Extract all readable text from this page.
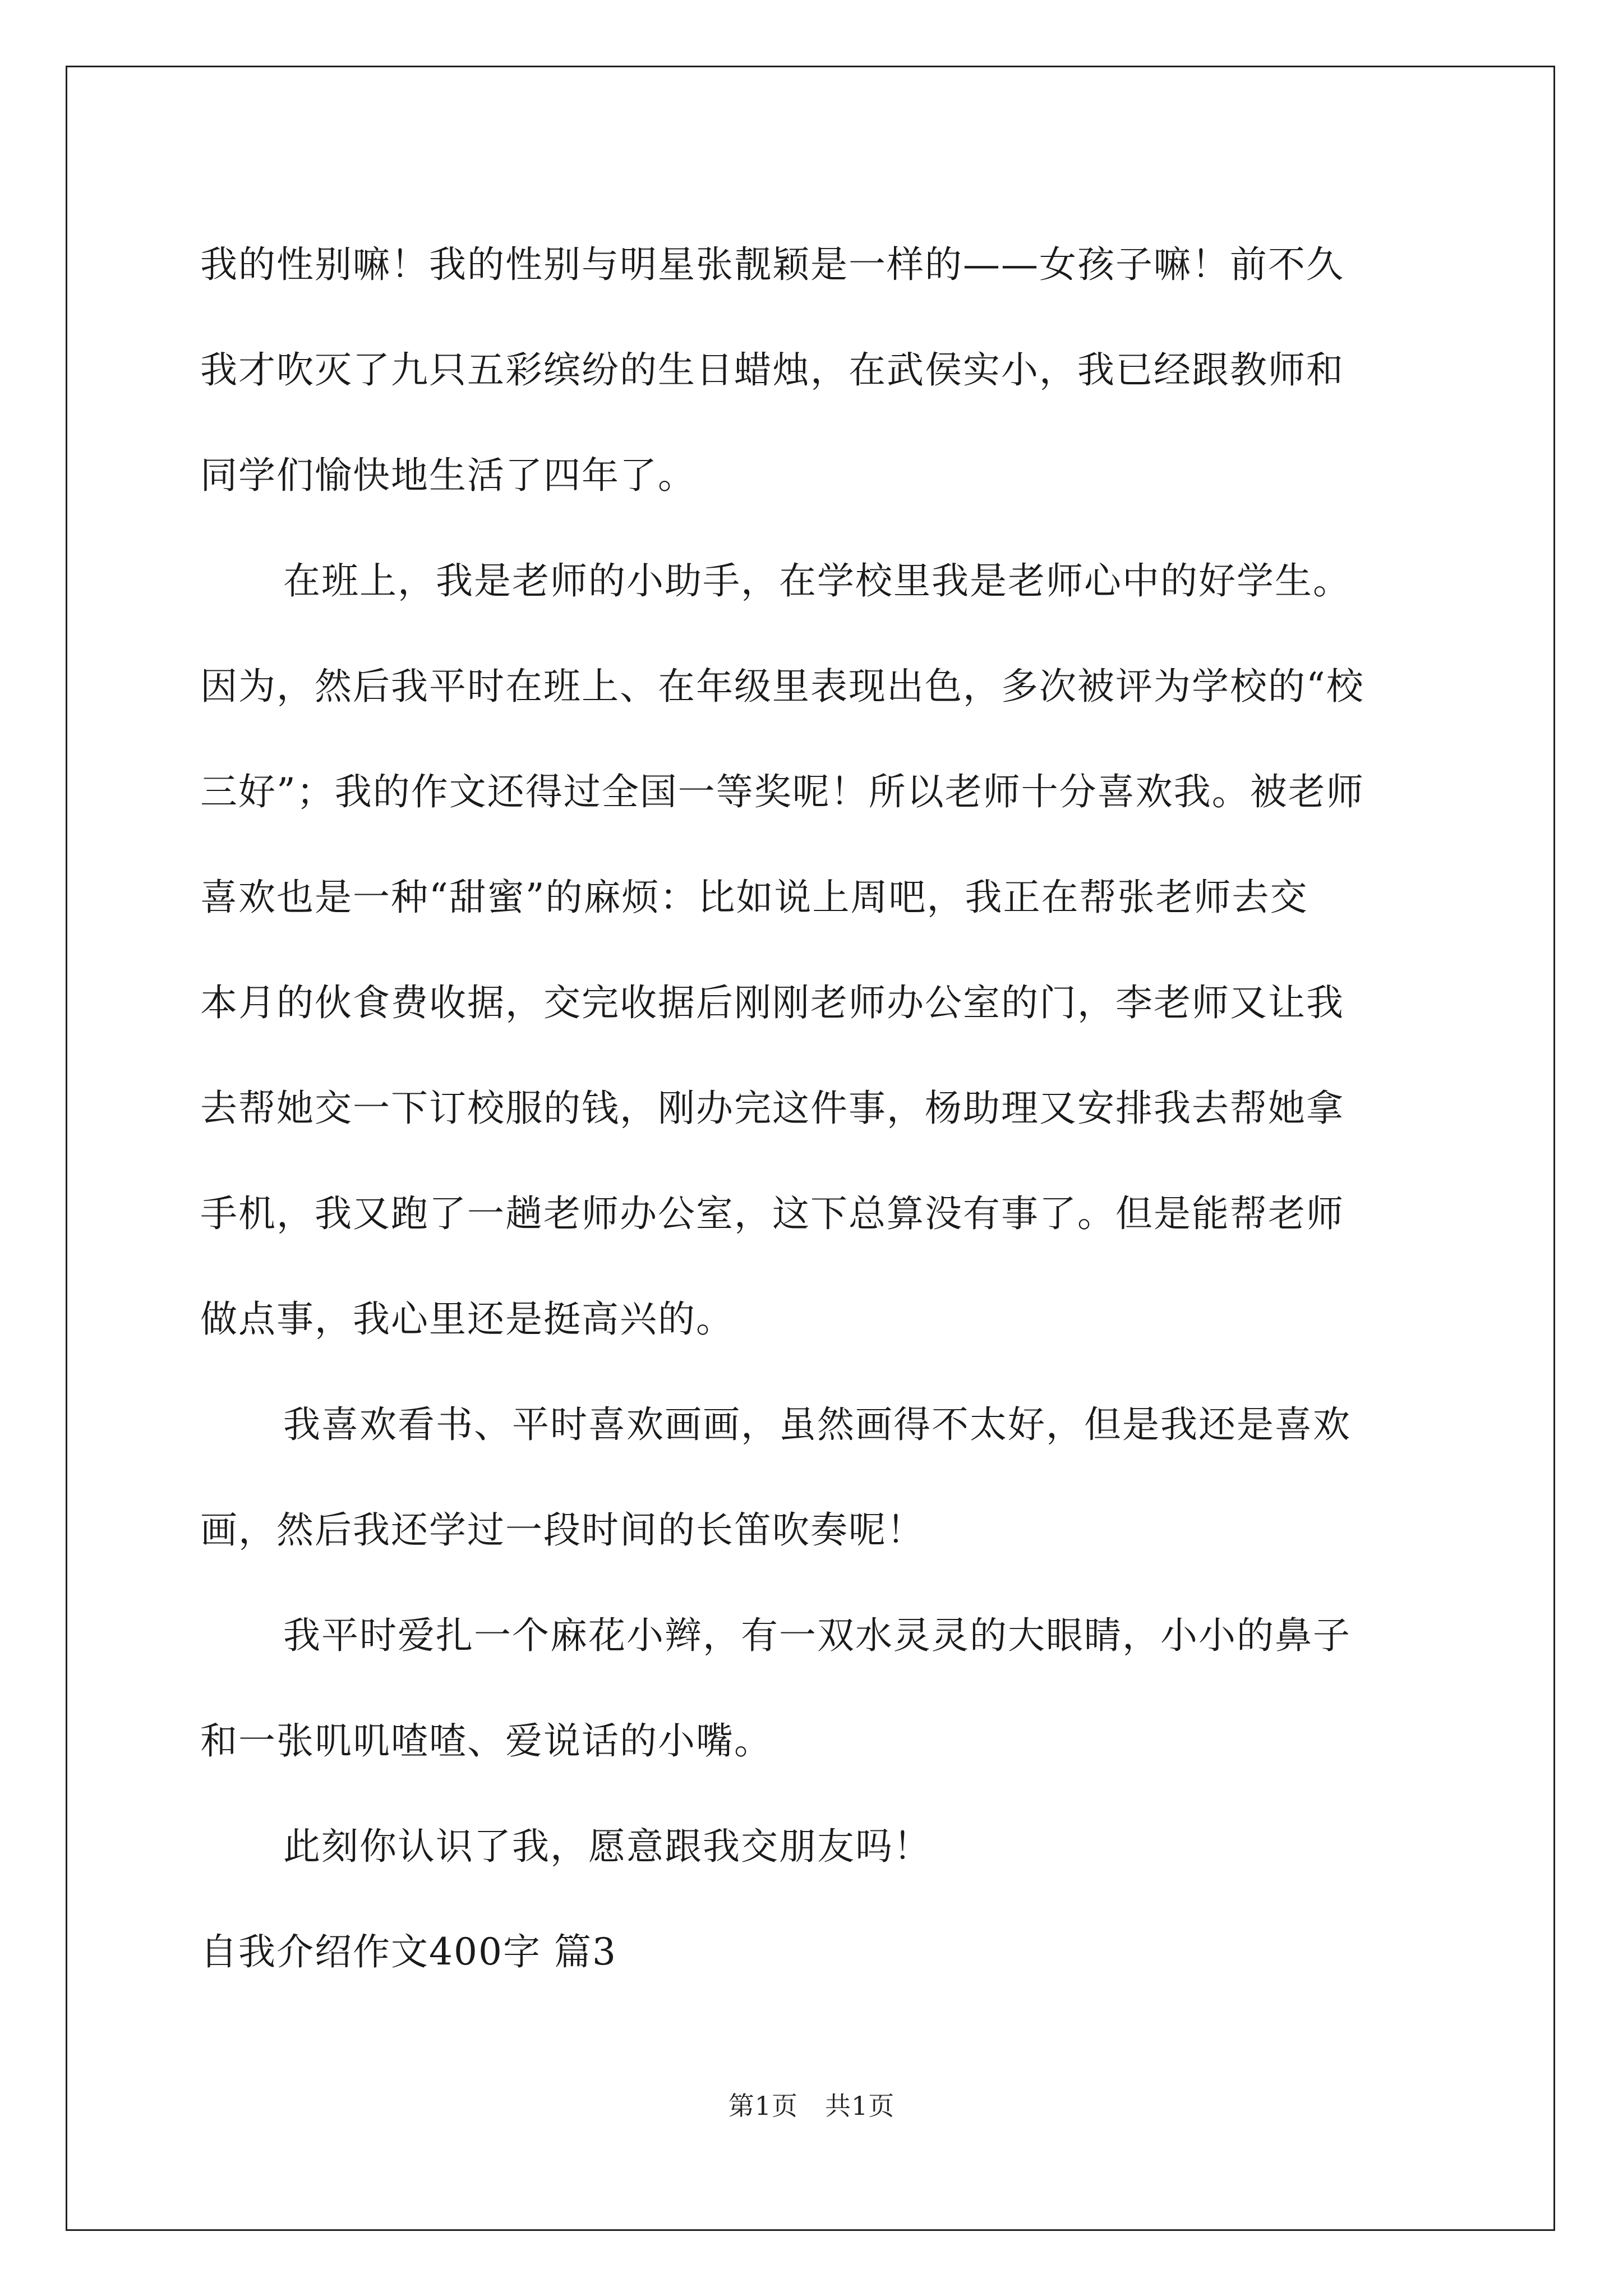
我的性别嘛！我的性别与明星张靓颖是一样的——女孩子嘛！前不久
我才吹灭了九只五彩缤纷的生日蜡烛，在武侯实小，我已经跟教师和
同学们愉快地生活了四年了。
在班上，我是老师的小助手，在学校里我是老师心中的好学生。
因为，然后我平时在班上、在年级里表现出色，多次被评为学校的“校
三好”；我的作文还得过全国一等奖呢！所以老师十分喜欢我。被老师
喜欢也是一种“甜蜜”的麻烦：比如说上周吧，我正在帮张老师去交
本月的伙食费收据，交完收据后刚刚老师办公室的门，李老师又让我
去帮她交一下订校服的钱，刚办完这件事，杨助理又安排我去帮她拿
手机，我又跑了一趟老师办公室，这下总算没有事了。但是能帮老师
做点事，我心里还是挺高兴的。
我喜欢看书、平时喜欢画画，虽然画得不太好，但是我还是喜欢
画，然后我还学过一段时间的长笛吹奏呢！
我平时爱扎一个麻花小辫，有一双水灵灵的大眼睛，小小的鼻子
和一张叽叽喳喳、爱说话的小嘴。
此刻你认识了我，愿意跟我交朋友吗！
自我介绍作文400字 篇3
第1页 共1页
